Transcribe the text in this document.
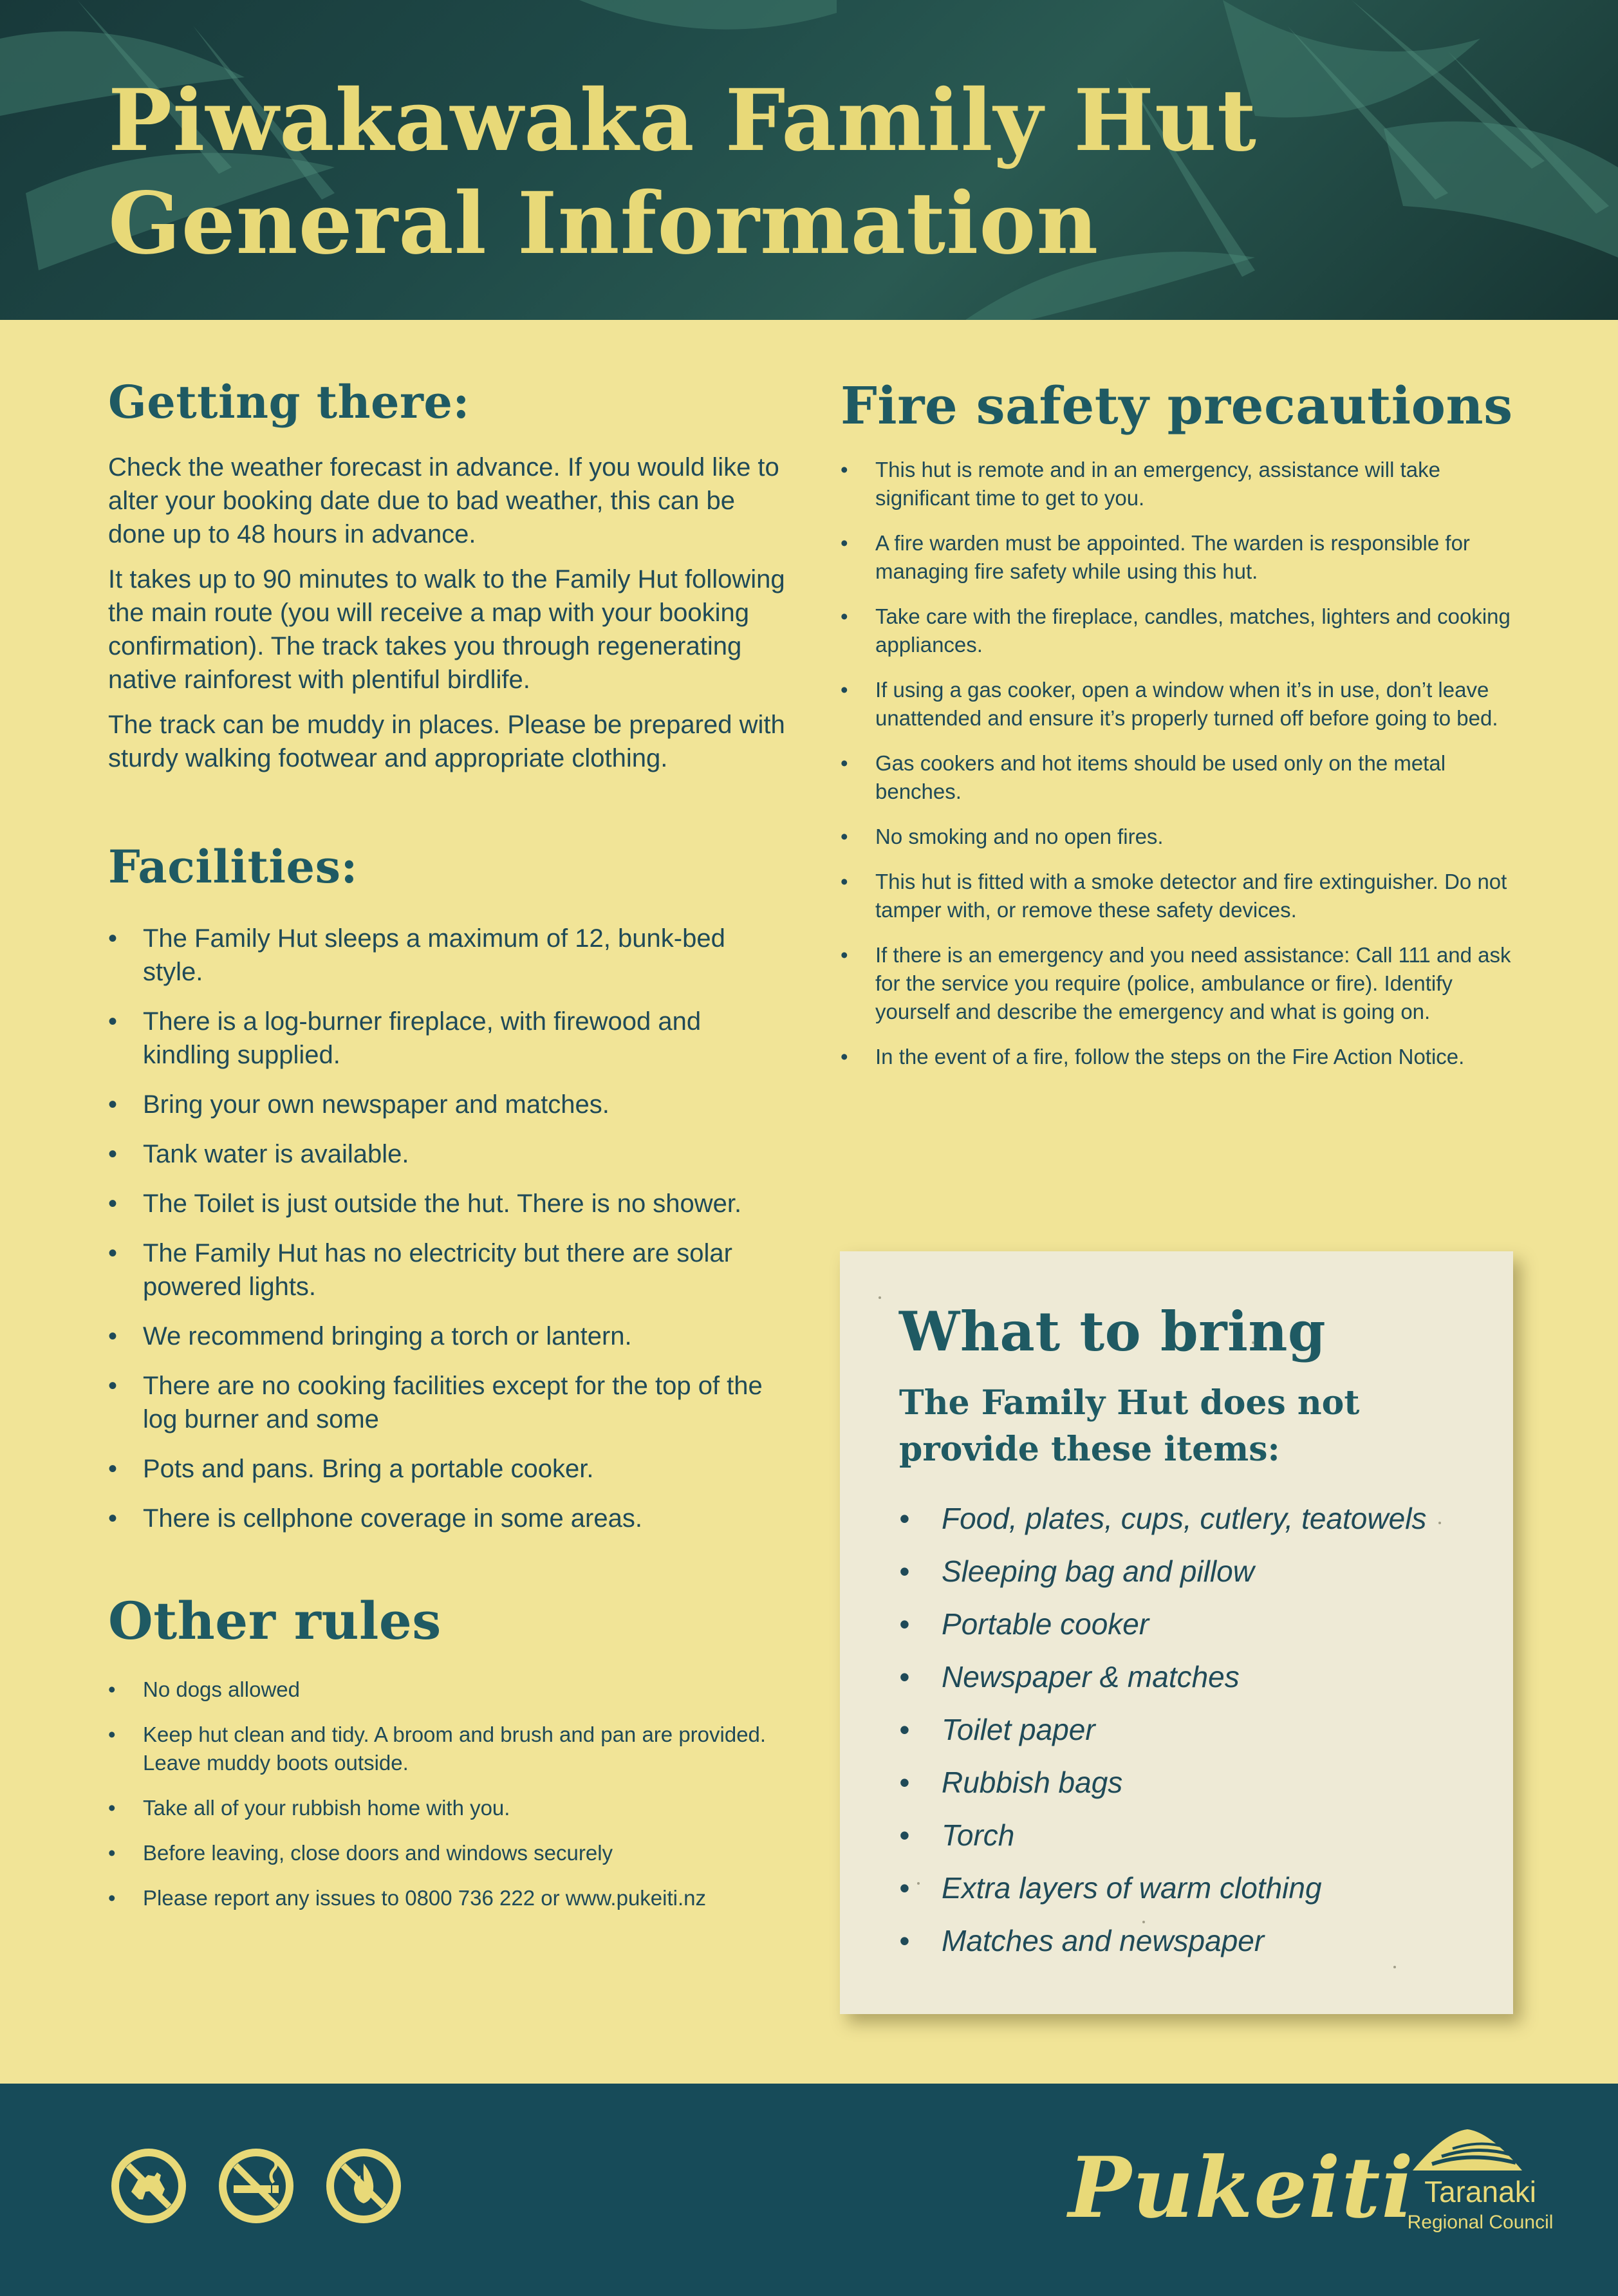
Piwakawaka Family Hut
General Information
Getting there:

Check the weather forecast in advance. If you would like to alter your booking date due to bad weather, this can be done up to 48 hours in advance.

It takes up to 90 minutes to walk to the Family Hut following the main route (you will receive a map with your booking confirmation). The track takes you through regenerating native rainforest with plentiful birdlife.

The track can be muddy in places. Please be prepared with sturdy walking footwear and appropriate clothing.

Facilities:
• The Family Hut sleeps a maximum of 12, bunk-bed style.
• There is a log-burner fireplace, with firewood and kindling supplied.
• Bring your own newspaper and matches.
• Tank water is available.
• The Toilet is just outside the hut. There is no shower.
• The Family Hut has no electricity but there are solar powered lights.
• We recommend bringing a torch or lantern.
• There are no cooking facilities except for the top of the log burner and some
• Pots and pans. Bring a portable cooker.
• There is cellphone coverage in some areas.
Other rules
• No dogs allowed
• Keep hut clean and tidy. A broom and brush and pan are provided. Leave muddy boots outside.
• Take all of your rubbish home with you.
• Before leaving, close doors and windows securely
• Please report any issues to 0800 736 222 or www.pukeiti.nz
Fire safety precautions
• This hut is remote and in an emergency, assistance will take significant time to get to you.
• A fire warden must be appointed. The warden is responsible for managing fire safety while using this hut.
• Take care with the fireplace, candles, matches, lighters and cooking appliances.
• If using a gas cooker, open a window when it’s in use, don’t leave unattended and ensure it’s properly turned off before going to bed.
• Gas cookers and hot items should be used only on the metal benches.
• No smoking and no open fires.
• This hut is fitted with a smoke detector and fire extinguisher. Do not tamper with, or remove these safety devices.
• If there is an emergency and you need assistance: Call 111 and ask for the service you require (police, ambulance or fire). Identify yourself and describe the emergency and what is going on.
• In the event of a fire, follow the steps on the Fire Action Notice.
What to bring

The Family Hut does not provide these items:

• Food, plates, cups, cutlery, teatowels
• Sleeping bag and pillow
• Portable cooker
• Newspaper & matches
• Toilet paper
• Rubbish bags
• Torch
• Extra layers of warm clothing
• Matches and newspaper
Pukeiti Taranaki
Regional Council
